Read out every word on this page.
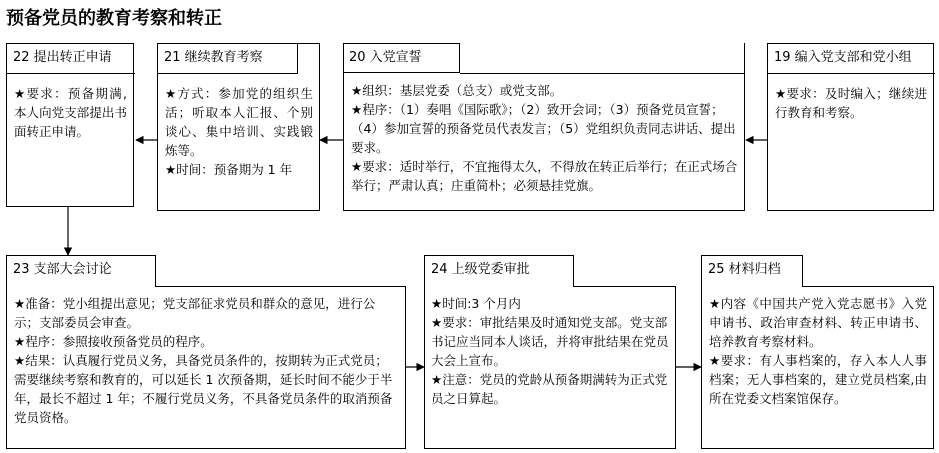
预备党员的教育考察和转正
22 提出转正申请

★要求：预备期满,本人向党支部提出书面转正申请。

21 继续教育考察

★方式：参加党的组织生活；听取本人汇报、个别谈心、集中培训、实践锻炼等。

★时间：预备期为 1 年

20 入党宣誓

★组织：基层党委（总支）或党支部。

★程序：（1）奏唱《国际歌》；（2）致开会词；（3）预备党员宣誓；（4）参加宣誓的预备党员代表发言；（5）党组织负责同志讲话、提出要求。

★要求：适时举行，不宜拖得太久，不得放在转正后举行；在正式场合举行；严肃认真；庄重简朴；必须悬挂党旗。

19 编入党支部和党小组

★要求：及时编入；继续进行教育和考察。

23 支部大会讨论

★准备：党小组提出意见；党支部征求党员和群众的意见，进行公示；支部委员会审查。

★程序：参照接收预备党员的程序。

★结果：认真履行党员义务，具备党员条件的，按期转为正式党员；需要继续考察和教育的，可以延长 1 次预备期，延长时间不能少于半年，最长不超过 1 年；不履行党员义务，不具备党员条件的取消预备党员资格。

24 上级党委审批

★时间:3 个月内

★要求：审批结果及时通知党支部。党支部书记应当同本人谈话，并将审批结果在党员大会上宣布。

★注意：党员的党龄从预备期满转为正式党员之日算起。

25 材料归档

★内容《中国共产党入党志愿书》入党申请书、政治审查材料、转正申请书、培养教育考察材料。

★要求：有人事档案的，存入本人人事档案；无人事档案的，建立党员档案,由所在党委文档案馆保存。
